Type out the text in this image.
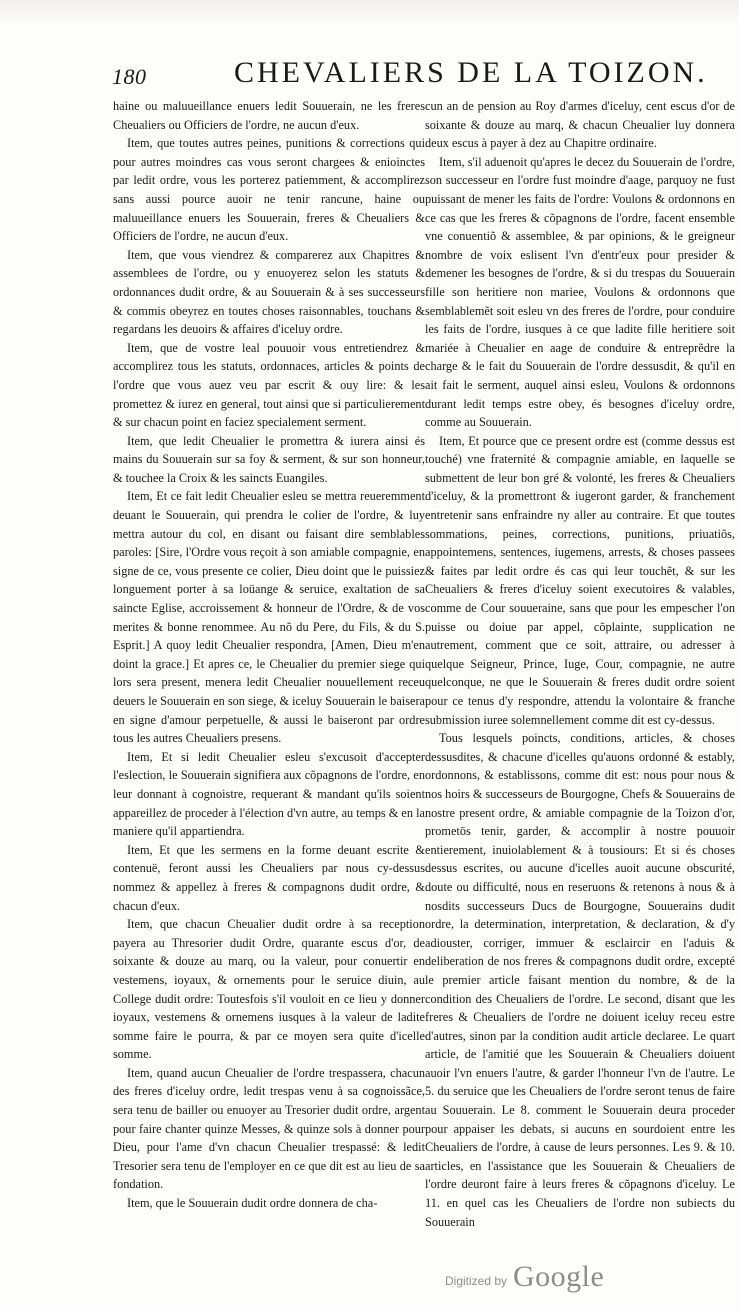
180	CHEVALIERS DE LA TOIZON.

haine ou maluueillance enuers ledit Souuerain, ne les freres Cheualiers ou Officiers de l'ordre, ne aucun d'eux.

Item, que toutes autres peines, punitions & corrections qui pour autres moindres cas vous seront chargees & enioinctes par ledit ordre, vous les porterez patiemment, & accomplirez sans aussi pource auoir ne tenir rancune, haine ou maluueillance enuers les Souuerain, freres & Cheualiers & Officiers de l'ordre, ne aucun d'eux.

Item, que vous viendrez & comparerez aux Chapitres & assemblees de l'ordre, ou y enuoyerez selon les statuts & ordonnances dudit ordre, & au Souuerain & à ses successeurs & commis obeyrez en toutes choses raisonnables, touchans & regardans les deuoirs & affaires d'iceluy ordre.

Item, que de vostre leal pouuoir vous entretiendrez & accomplirez tous les statuts, ordonnaces, articles & points de l'ordre que vous auez veu par escrit & ouy lire: & les promettez & iurez en general, tout ainsi que si particulierement & sur chacun point en faciez specialement serment.

Item, que ledit Cheualier le promettra & iurera ainsi és mains du Souuerain sur sa foy & serment, & sur son honneur, & touchee la Croix & les saincts Euangiles.

Item, Et ce fait ledit Cheualier esleu se mettra reueremment deuant le Souuerain, qui prendra le colier de l'ordre, & luy mettra autour du col, en disant ou faisant dire semblables paroles: [Sire, l'Ordre vous reçoit à son amiable compagnie, en signe de ce, vous presente ce colier, Dieu doint que le puissiez longuement porter à sa loüange & seruice, exaltation de sa saincte Eglise, accroissement & honneur de l'Ordre, & de vos merites & bonne renommee. Au nõ du Pere, du Fils, & du S. Esprit.] A quoy ledit Cheualier respondra, [Amen, Dieu m'en doint la grace.] Et apres ce, le Cheualier du premier siege qui lors sera present, menera ledit Cheualier nouuellement receu deuers le Souuerain en son siege, & iceluy Souuerain le baisera en signe d'amour perpetuelle, & aussi le baiseront par ordre tous les autres Cheualiers presens.

Item, Et si ledit Cheualier esleu s'excusoit d'accepter l'eslection, le Souuerain signifiera aux cõpagnons de l'ordre, en leur donnant à cognoistre, requerant & mandant qu'ils soient appareillez de proceder à l'élection d'vn autre, au temps & en la maniere qu'il appartiendra.

Item, Et que les sermens en la forme deuant escrite & contenuë, feront aussi les Cheualiers par nous cy-dessus nommez & appellez à freres & compagnons dudit ordre, & chacun d'eux.

Item, que chacun Cheualier dudit ordre à sa reception payera au Thresorier dudit Ordre, quarante escus d'or, de soixante & douze au marq, ou la valeur, pour conuertir en vestemens, ioyaux, & ornements pour le seruice diuin, au College dudit ordre: Toutesfois s'il vouloit en ce lieu y donner ioyaux, vestemens & ornemens iusques à la valeur de ladite somme faire le pourra, & par ce moyen sera quite d'icelle somme.

Item, quand aucun Cheualier de l'ordre trespassera, chacun des freres d'iceluy ordre, ledit trespas venu à sa cognoissãce, sera tenu de bailler ou enuoyer au Tresorier dudit ordre, argent pour faire chanter quinze Messes, & quinze sols à donner pour Dieu, pour l'ame d'vn chacun Cheualier trespassé: & ledit Tresorier sera tenu de l'employer en ce que dit est au lieu de sa fondation.

Item, que le Souuerain dudit ordre donnera de cha-

cun an de pension au Roy d'armes d'iceluy, cent escus d'or de soixante & douze au marq, & chacun Cheualier luy donnera deux escus à payer à dez au Chapitre ordinaire.

Item, s'il aduenoit qu'apres le decez du Souuerain de l'ordre, son successeur en l'ordre fust moindre d'aage, parquoy ne fust puissant de mener les faits de l'ordre: Voulons & ordonnons en ce cas que les freres & cõpagnons de l'ordre, facent ensemble vne conuentiõ & assemblee, & par opinions, & le greigneur nombre de voix eslisent l'vn d'entr'eux pour presider & demener les besognes de l'ordre, & si du trespas du Souuerain fille son heritiere non mariee, Voulons & ordonnons que semblablemẽt soit esleu vn des freres de l'ordre, pour conduire les faits de l'ordre, iusques à ce que ladite fille heritiere soit mariée à Cheualier en aage de conduire & entreprẽdre la charge & le fait du Souuerain de l'ordre dessusdit, & qu'il en ait fait le serment, auquel ainsi esleu, Voulons & ordonnons durant ledit temps estre obey, és besognes d'iceluy ordre, comme au Souuerain.

Item, Et pource que ce present ordre est (comme dessus est touché) vne fraternité & compagnie amiable, en laquelle se submettent de leur bon gré & volonté, les freres & Cheualiers d'iceluy, & la promettront & iugeront garder, & franchement entretenir sans enfraindre ny aller au contraire. Et que toutes sommations, peines, corrections, punitions, priuatiõs, appointemens, sentences, iugemens, arrests, & choses passees & faites par ledit ordre és cas qui leur touchẽt, & sur les Cheualiers & freres d'iceluy soient executoires & valables, comme de Cour souueraine, sans que pour les empescher l'on puisse ou doiue par appel, cõplainte, supplication ne autrement, comment que ce soit, attraire, ou adresser à quelque Seigneur, Prince, Iuge, Cour, compagnie, ne autre quelconque, ne que le Souuerain & freres dudit ordre soient pour ce tenus d'y respondre, attendu la volontaire & franche submission iuree solemnellement comme dit est cy-dessus.

Tous lesquels poincts, conditions, articles, & choses dessusdites, & chacune d'icelles qu'auons ordonné & estably, ordonnons, & establissons, comme dit est: nous pour nous & nos hoirs & successeurs de Bourgogne, Chefs & Souuerains de nostre present ordre, & amiable compagnie de la Toizon d'or, prometōs tenir, garder, & accomplir à nostre pouuoir entierement, inuiolablement & à tousiours: Et si és choses dessus escrites, ou aucune d'icelles auoit aucune obscurité, doute ou difficulté, nous en reseruons & retenons à nous & à nosdits successeurs Ducs de Bourgogne, Souuerains dudit ordre, la determination, interpretation, & declaration, & d'y adiouster, corriger, immuer & esclaircir en l'aduis & deliberation de nos freres & compagnons dudit ordre, excepté le premier article faisant mention du nombre, & de la condition des Cheualiers de l'ordre. Le second, disant que les freres & Cheualiers de l'ordre ne doiuent iceluy receu estre d'autres, sinon par la condition audit article declaree. Le quart article, de l'amitié que les Souuerain & Cheualiers doiuent auoir l'vn enuers l'autre, & garder l'honneur l'vn de l'autre. Le 5. du seruice que les Cheualiers de l'ordre seront tenus de faire au Souuerain. Le 8. comment le Souuerain deura proceder pour appaiser les debats, si aucuns en sourdoient entre les Cheualiers de l'ordre, à cause de leurs personnes. Les 9. & 10. articles, en l'assistance que les Souuerain & Cheualiers de l'ordre deuront faire à leurs freres & cõpagnons d'iceluy. Le 11. en quel cas les Cheualiers de l'ordre non subiects du Souuerain

Digitized by Google
